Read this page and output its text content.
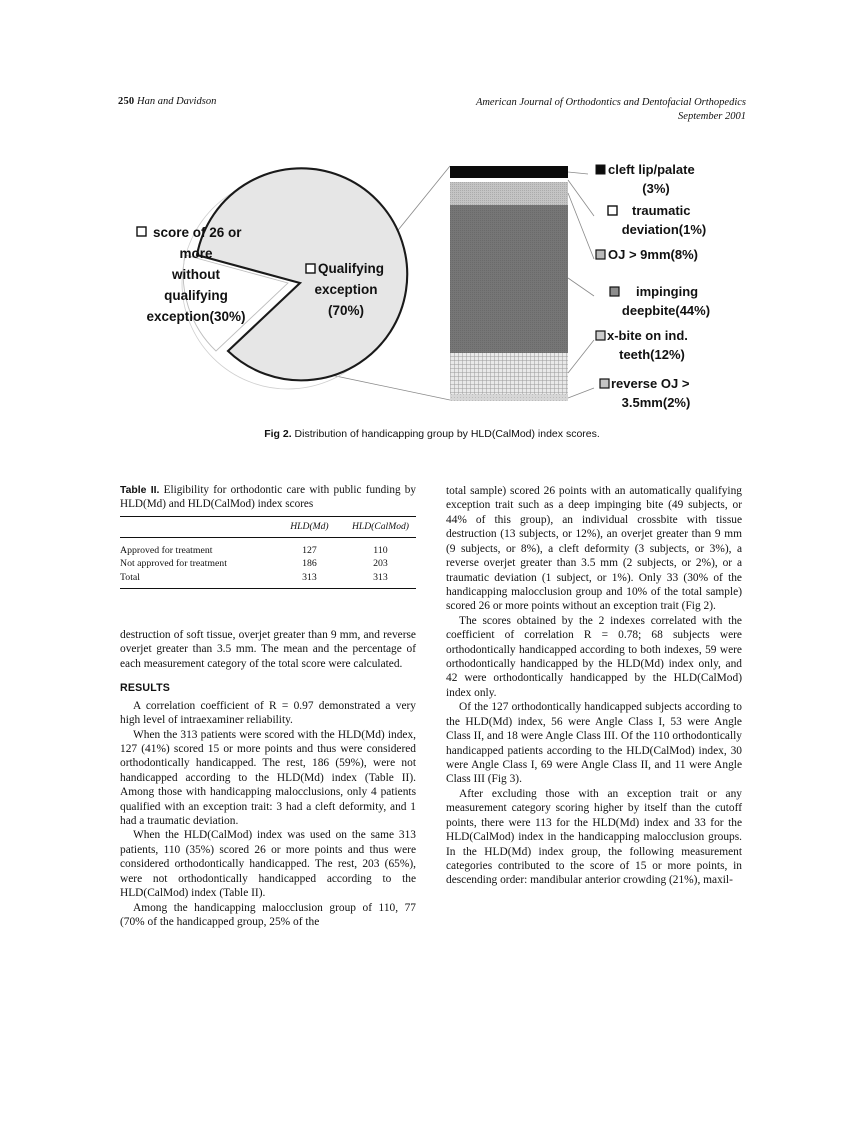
250 Han and Davidson	American Journal of Orthodontics and Dentofacial Orthopedics
September 2001
score of 26 or
more
without
qualifying
exception(30%)
Qualifying
exception
(70%)
cleft lip/palate
(3%)
traumatic
deviation(1%)
OJ > 9mm(8%)
impinging
deepbite(44%)
x-bite on ind.
teeth(12%)
reverse OJ >
3.5mm(2%)
Fig 2. Distribution of handicapping group by HLD(CalMod) index scores.
Table II. Eligibility for orthodontic care with public funding by HLD(Md) and HLD(CalMod) index scores
	HLD(Md)	HLD(CalMod)

Approved for treatment	127	110
Not approved for treatment	186	203
Total	313	313

destruction of soft tissue, overjet greater than 9 mm, and reverse overjet greater than 3.5 mm. The mean and the percentage of each measurement category of the total score were calculated.

RESULTS

A correlation coefficient of R = 0.97 demonstrated a very high level of intraexaminer reliability.

When the 313 patients were scored with the HLD(Md) index, 127 (41%) scored 15 or more points and thus were considered orthodontically handicapped. The rest, 186 (59%), were not handicapped according to the HLD(Md) index (Table II). Among those with handicapping malocclusions, only 4 patients qualified with an exception trait: 3 had a cleft deformity, and 1 had a traumatic deviation.

When the HLD(CalMod) index was used on the same 313 patients, 110 (35%) scored 26 or more points and thus were considered orthodontically handicapped. The rest, 203 (65%), were not orthodontically handicapped according to the HLD(CalMod) index (Table II).

Among the handicapping malocclusion group of 110, 77 (70% of the handicapped group, 25% of the

total sample) scored 26 points with an automatically qualifying exception trait such as a deep impinging bite (49 subjects, or 44% of this group), an individual crossbite with tissue destruction (13 subjects, or 12%), an overjet greater than 9 mm (9 subjects, or 8%), a cleft deformity (3 subjects, or 3%), a reverse overjet greater than 3.5 mm (2 subjects, or 2%), or a traumatic deviation (1 subject, or 1%). Only 33 (30% of the handicapping malocclusion group and 10% of the total sample) scored 26 or more points without an exception trait (Fig 2).

The scores obtained by the 2 indexes correlated with the coefficient of correlation R = 0.78; 68 subjects were orthodontically handicapped according to both indexes, 59 were orthodontically handicapped by the HLD(Md) index only, and 42 were orthodontically handicapped by the HLD(CalMod) index only.

Of the 127 orthodontically handicapped subjects according to the HLD(Md) index, 56 were Angle Class I, 53 were Angle Class II, and 18 were Angle Class III. Of the 110 orthodontically handicapped patients according to the HLD(CalMod) index, 30 were Angle Class I, 69 were Angle Class II, and 11 were Angle Class III (Fig 3).

After excluding those with an exception trait or any measurement category scoring higher by itself than the cutoff points, there were 113 for the HLD(Md) index and 33 for the HLD(CalMod) index in the handicapping malocclusion groups. In the HLD(Md) index group, the following measurement categories contributed to the score of 15 or more points, in descending order: mandibular anterior crowding (21%), maxil-
